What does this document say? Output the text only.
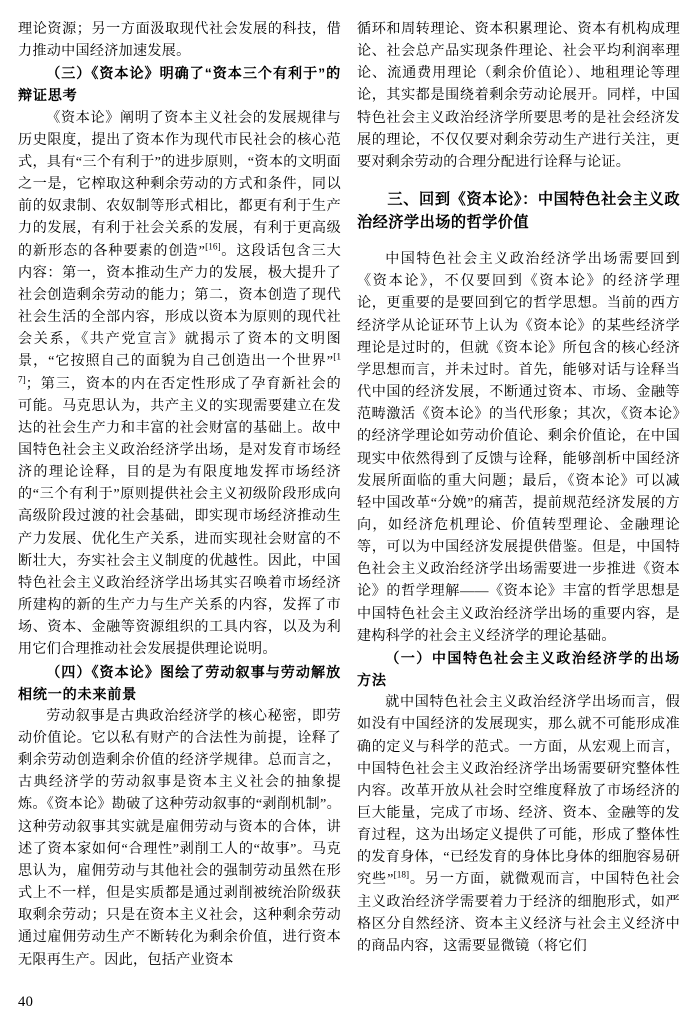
理论资源；另一方面汲取现代社会发展的科技，借力推动中国经济加速发展。

（三）《资本论》明确了“资本三个有利于”的辩证思考

《资本论》阐明了资本主义社会的发展规律与历史限度，提出了资本作为现代市民社会的核心范式，具有“三个有利于”的进步原则，“资本的文明面之一是，它榨取这种剩余劳动的方式和条件，同以前的奴隶制、农奴制等形式相比，都更有利于生产力的发展，有利于社会关系的发展，有利于更高级的新形态的各种要素的创造”[16]。这段话包含三大内容：第一，资本推动生产力的发展，极大提升了社会创造剩余劳动的能力；第二，资本创造了现代社会生活的全部内容，形成以资本为原则的现代社会关系，《共产党宣言》就揭示了资本的文明图景，“它按照自己的面貌为自己创造出一个世界”[17]；第三，资本的内在否定性形成了孕育新社会的可能。马克思认为，共产主义的实现需要建立在发达的社会生产力和丰富的社会财富的基础上。故中国特色社会主义政治经济学出场，是对发育市场经济的理论诠释，目的是为有限度地发挥市场经济的“三个有利于”原则提供社会主义初级阶段形成向高级阶段过渡的社会基础，即实现市场经济推动生产力发展、优化生产关系，进而实现社会财富的不断壮大，夯实社会主义制度的优越性。因此，中国特色社会主义政治经济学出场其实召唤着市场经济所建构的新的生产力与生产关系的内容，发挥了市场、资本、金融等资源组织的工具内容，以及为利用它们合理推动社会发展提供理论说明。

（四）《资本论》图绘了劳动叙事与劳动解放相统一的未来前景

劳动叙事是古典政治经济学的核心秘密，即劳动价值论。它以私有财产的合法性为前提，诠释了剩余劳动创造剩余价值的经济学规律。总而言之，古典经济学的劳动叙事是资本主义社会的抽象提炼。《资本论》勘破了这种劳动叙事的“剥削机制”。这种劳动叙事其实就是雇佣劳动与资本的合体，讲述了资本家如何“合理性”剥削工人的“故事”。马克思认为，雇佣劳动与其他社会的强制劳动虽然在形式上不一样，但是实质都是通过剥削被统治阶级获取剩余劳动；只是在资本主义社会，这种剩余劳动通过雇佣劳动生产不断转化为剩余价值，进行资本无限再生产。因此，包括产业资本

循环和周转理论、资本积累理论、资本有机构成理论、社会总产品实现条件理论、社会平均利润率理论、流通费用理论（剩余价值论）、地租理论等理论，其实都是围绕着剩余劳动论展开。同样，中国特色社会主义政治经济学所要思考的是社会经济发展的理论，不仅仅要对剩余劳动生产进行关注，更要对剩余劳动的合理分配进行诠释与论证。

三、回到《资本论》：中国特色社会主义政治经济学出场的哲学价值

中国特色社会主义政治经济学出场需要回到《资本论》，不仅要回到《资本论》的经济学理论，更重要的是要回到它的哲学思想。当前的西方经济学从论证环节上认为《资本论》的某些经济学理论是过时的，但就《资本论》所包含的核心经济学思想而言，并未过时。首先，能够对话与诠释当代中国的经济发展，不断通过资本、市场、金融等范畴激活《资本论》的当代形象；其次，《资本论》的经济学理论如劳动价值论、剩余价值论，在中国现实中依然得到了反馈与诠释，能够剖析中国经济发展所面临的重大问题；最后，《资本论》可以减轻中国改革“分娩”的痛苦，提前规范经济发展的方向，如经济危机理论、价值转型理论、金融理论等，可以为中国经济发展提供借鉴。但是，中国特色社会主义政治经济学出场需要进一步推进《资本论》的哲学理解——《资本论》丰富的哲学思想是中国特色社会主义政治经济学出场的重要内容，是建构科学的社会主义经济学的理论基础。

（一）中国特色社会主义政治经济学的出场方法

就中国特色社会主义政治经济学出场而言，假如没有中国经济的发展现实，那么就不可能形成准确的定义与科学的范式。一方面，从宏观上而言，中国特色社会主义政治经济学出场需要研究整体性内容。改革开放从社会时空维度释放了市场经济的巨大能量，完成了市场、经济、资本、金融等的发育过程，这为出场定义提供了可能，形成了整体性的发育身体，“已经发育的身体比身体的细胞容易研究些”[18]。另一方面，就微观而言，中国特色社会主义政治经济学需要着力于经济的细胞形式，如严格区分自然经济、资本主义经济与社会主义经济中的商品内容，这需要显微镜（将它们

40
